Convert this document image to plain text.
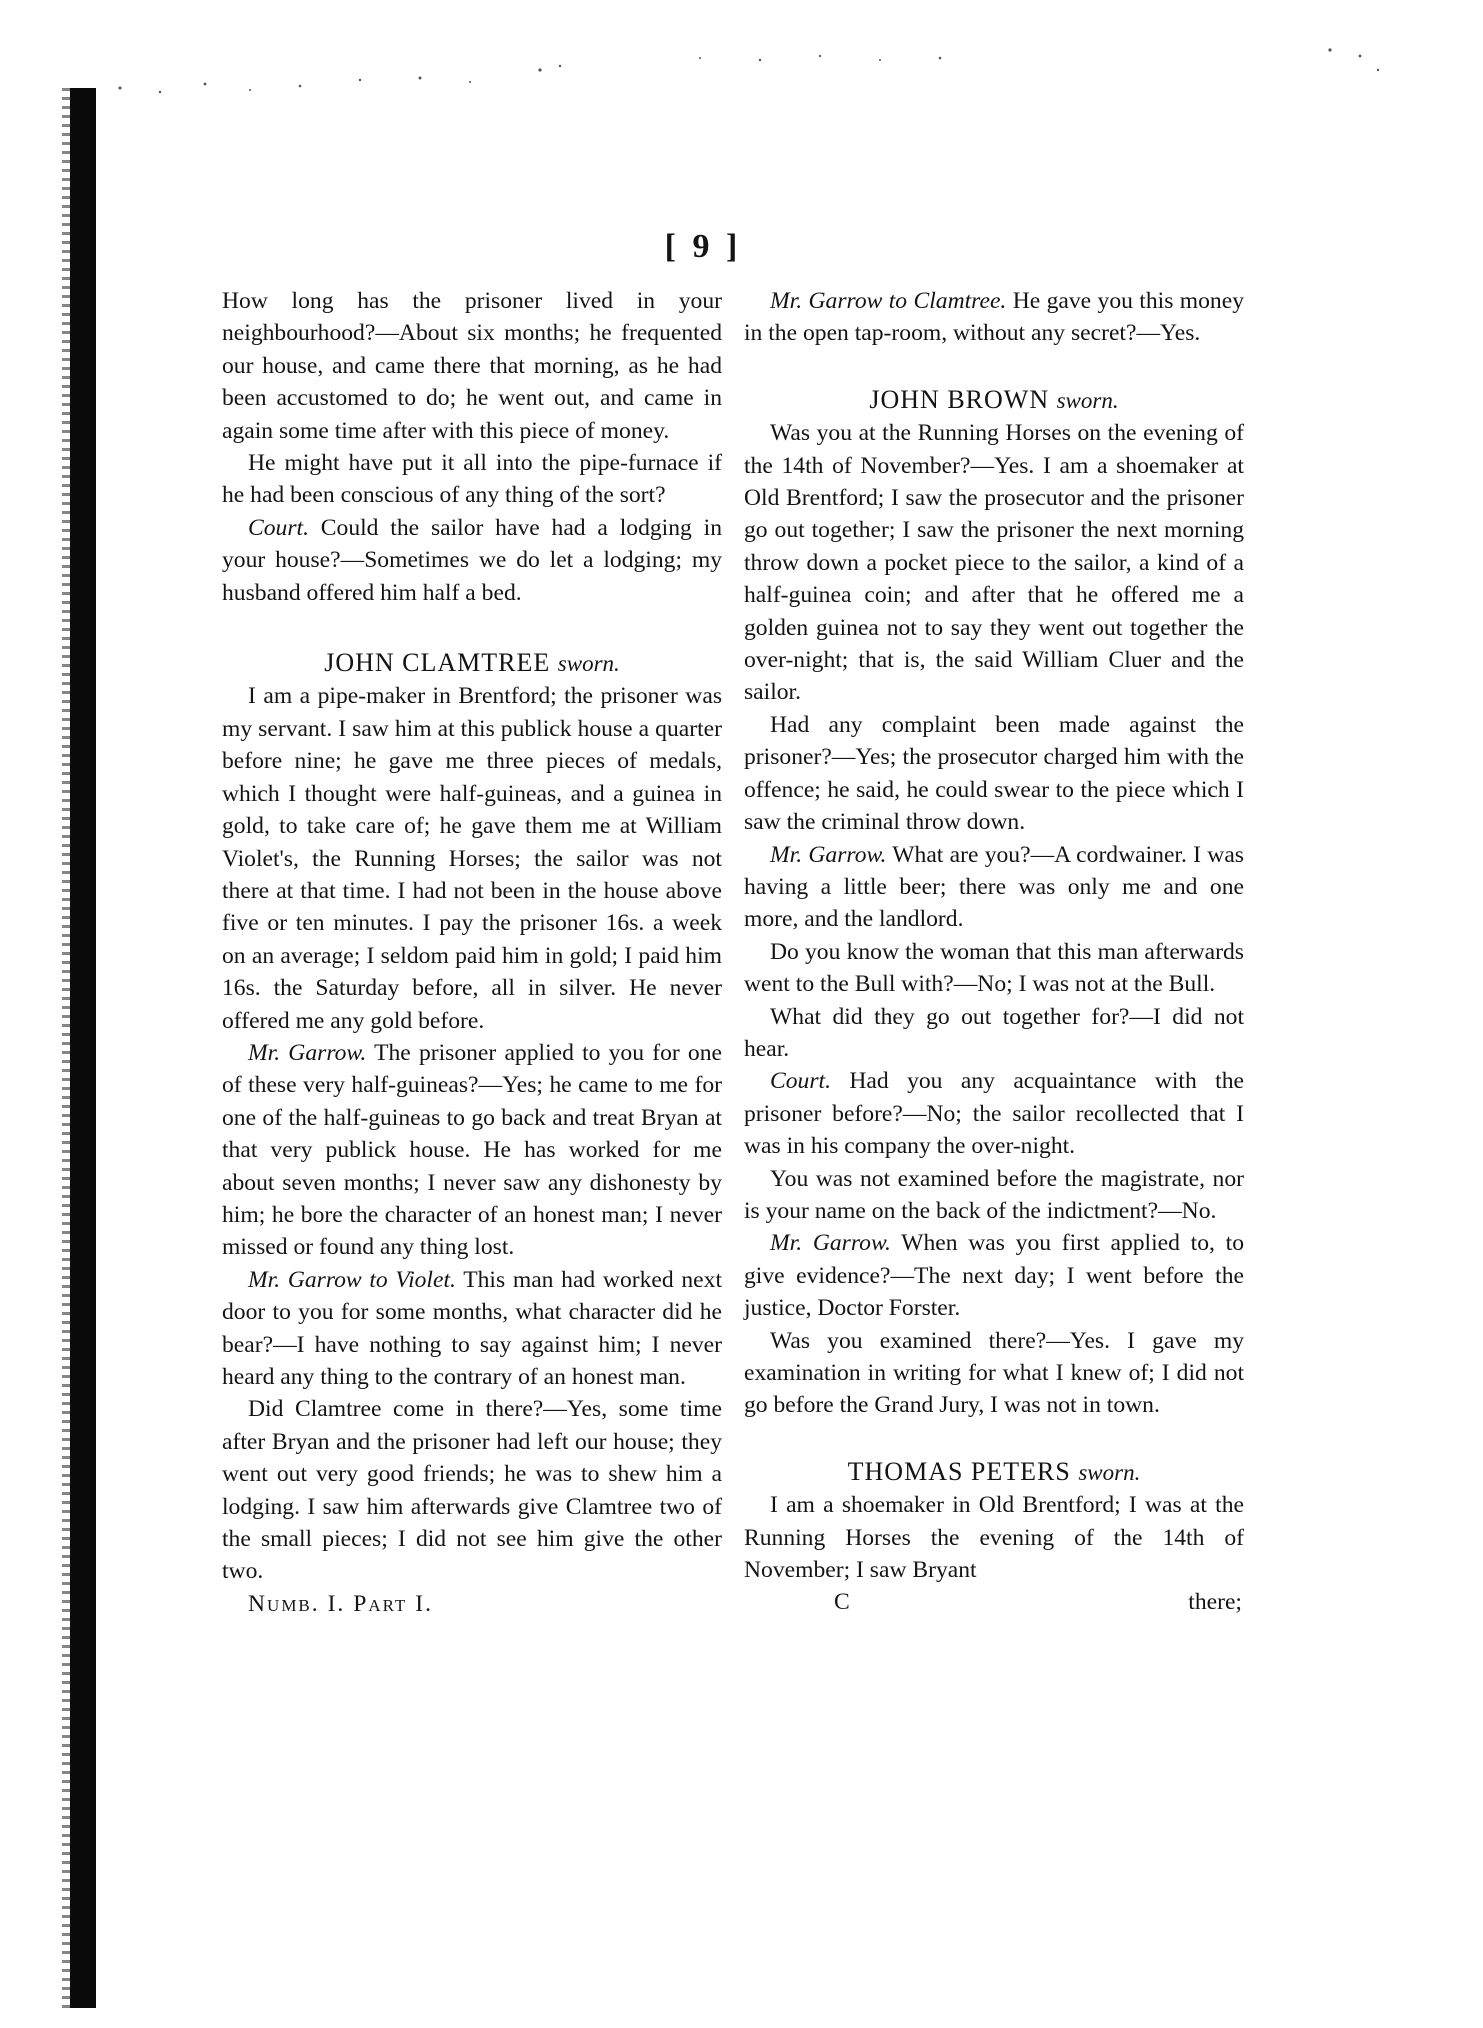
[ 9 ]

How long has the prisoner lived in your neighbourhood?—About six months; he frequented our house, and came there that morning, as he had been accustomed to do; he went out, and came in again some time after with this piece of money.

He might have put it all into the pipe-furnace if he had been conscious of any thing of the sort?

Court. Could the sailor have had a lodging in your house?—Sometimes we do let a lodging; my husband offered him half a bed.

JOHN CLAMTREE sworn.

I am a pipe-maker in Brentford; the prisoner was my servant. I saw him at this publick house a quarter before nine; he gave me three pieces of medals, which I thought were half-guineas, and a guinea in gold, to take care of; he gave them me at William Violet's, the Running Horses; the sailor was not there at that time. I had not been in the house above five or ten minutes. I pay the prisoner 16s. a week on an average; I seldom paid him in gold; I paid him 16s. the Saturday before, all in silver. He never offered me any gold before.

Mr. Garrow. The prisoner applied to you for one of these very half-guineas?—Yes; he came to me for one of the half-guineas to go back and treat Bryan at that very publick house. He has worked for me about seven months; I never saw any dishonesty by him; he bore the character of an honest man; I never missed or found any thing lost.

Mr. Garrow to Violet. This man had worked next door to you for some months, what character did he bear?—I have nothing to say against him; I never heard any thing to the contrary of an honest man.

Did Clamtree come in there?—Yes, some time after Bryan and the prisoner had left our house; they went out very good friends; he was to shew him a lodging. I saw him afterwards give Clamtree two of the small pieces; I did not see him give the other two.

Numb. I. Part I.

Mr. Garrow to Clamtree. He gave you this money in the open tap-room, without any secret?—Yes.

JOHN BROWN sworn.

Was you at the Running Horses on the evening of the 14th of November?—Yes. I am a shoemaker at Old Brentford; I saw the prosecutor and the prisoner go out together; I saw the prisoner the next morning throw down a pocket piece to the sailor, a kind of a half-guinea coin; and after that he offered me a golden guinea not to say they went out together the over-night; that is, the said William Cluer and the sailor.

Had any complaint been made against the prisoner?—Yes; the prosecutor charged him with the offence; he said, he could swear to the piece which I saw the criminal throw down.

Mr. Garrow. What are you?—A cordwainer. I was having a little beer; there was only me and one more, and the landlord.

Do you know the woman that this man afterwards went to the Bull with?—No; I was not at the Bull.

What did they go out together for?—I did not hear.

Court. Had you any acquaintance with the prisoner before?—No; the sailor recollected that I was in his company the over-night.

You was not examined before the magistrate, nor is your name on the back of the indictment?—No.

Mr. Garrow. When was you first applied to, to give evidence?—The next day; I went before the justice, Doctor Forster.

Was you examined there?—Yes. I gave my examination in writing for what I knew of; I did not go before the Grand Jury, I was not in town.

THOMAS PETERS sworn.

I am a shoemaker in Old Brentford; I was at the Running Horses the evening of the 14th of November; I saw Bryant

C	there;
